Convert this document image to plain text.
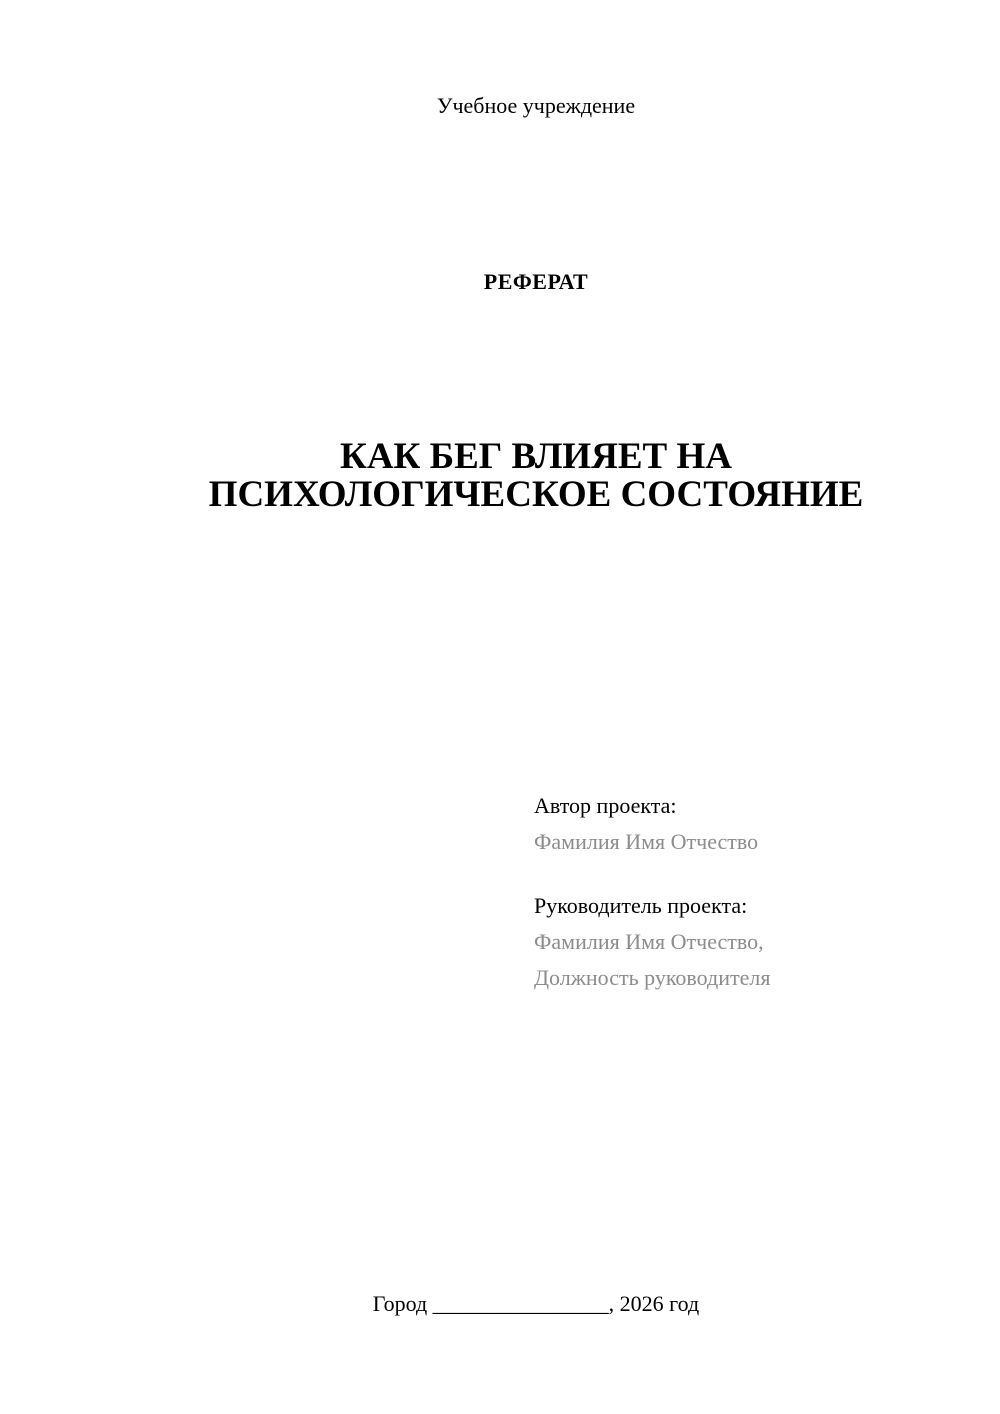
Учебное учреждение
РЕФЕРАТ
КАК БЕГ ВЛИЯЕТ НА
ПСИХОЛОГИЧЕСКОЕ СОСТОЯНИЕ
Автор проекта:
Фамилия Имя Отчество
Руководитель проекта:
Фамилия Имя Отчество,
Должность руководителя
Город ________________, 2026 год
